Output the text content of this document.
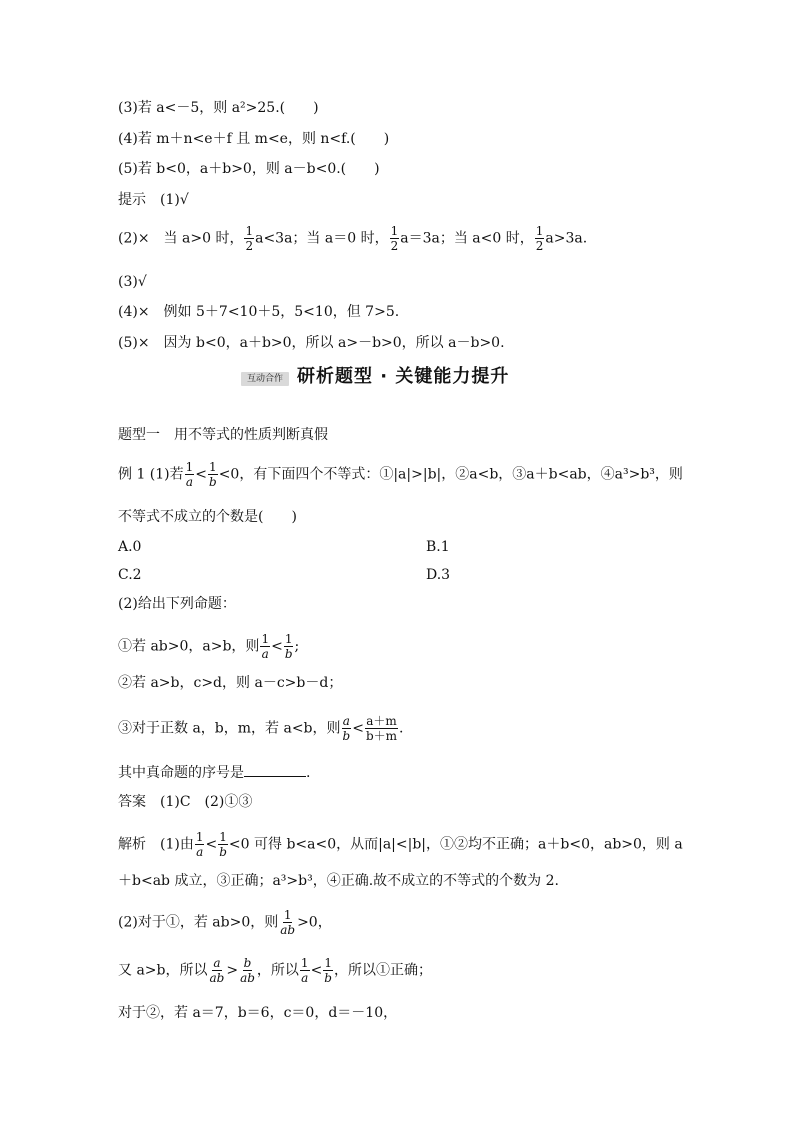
(3)若 a<－5，则 a²>25.(　　)
(4)若 m＋n<e＋f 且 m<e，则 n<f.(　　)
(5)若 b<0，a＋b>0，则 a－b<0.(　　)
提示　(1)√
(2)×　当 a>0 时， $\frac{1}{2} a<3a$；当 a＝0 时， $\frac{1}{2} a=3a$；当 a<0 时， $\frac{1}{2} a>3a$.
(3)√
(4)×　例如 5＋7<10＋5，5<10，但 7>5.
(5)×　因为 b<0，a＋b>0，所以 a>－b>0，所以 a－b>0.
互动合作 研析题型 · 关键能力提升
题型一　用不等式的性质判断真假
例 1 (1)若 $\frac{1}{a} < \frac{1}{b} <0$，有下面四个不等式：①|a|>|b|，②a<b，③a＋b<ab，④a³>b³，则
不等式不成立的个数是(　　)
A.0	B.1
C.2	D.3
(2)给出下列命题：
①若 ab>0，a>b，则 $\frac{1}{a} < \frac{1}{b}$ ;
②若 a>b，c>d，则 a－c>b－d；
③对于正数 a，b，m，若 a<b，则 $\frac{a}{b} < \frac{a+m}{b+m}$ .
其中真命题的序号是	.
答案　(1)C　(2)①③
解析　(1)由 $\frac{1}{a} < \frac{1}{b} <0$ 可得 b<a<0，从而|a|<|b|，①②均不正确；a＋b<0，ab>0，则 a
＋b<ab 成立，③正确；a³>b³，④正确.故不成立的不等式的个数为 2.
(2)对于①，若 ab>0，则 $\frac{1}{ab} >0$，
又 a>b，所以 $\frac{a}{ab} > \frac{b}{ab}$ ，所以 $\frac{1}{a} < \frac{1}{b}$ ，所以①正确；
对于②，若 a＝7，b＝6，c＝0，d＝－10，
